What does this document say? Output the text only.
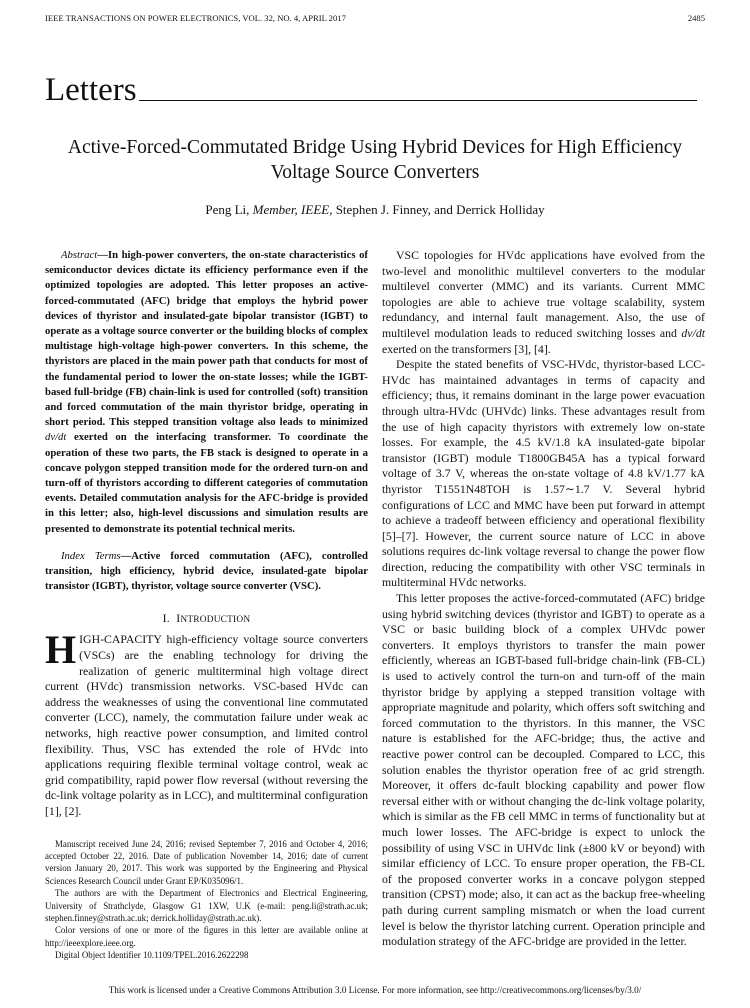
IEEE TRANSACTIONS ON POWER ELECTRONICS, VOL. 32, NO. 4, APRIL 2017	2485
Letters
Active-Forced-Commutated Bridge Using Hybrid Devices for High Efficiency Voltage Source Converters
Peng Li, Member, IEEE, Stephen J. Finney, and Derrick Holliday

Abstract—In high-power converters, the on-state characteristics of semiconductor devices dictate its efficiency performance even if the optimized topologies are adopted. This letter proposes an active-forced-commutated (AFC) bridge that employs the hybrid power devices of thyristor and insulated-gate bipolar transistor (IGBT) to operate as a voltage source converter or the building blocks of complex multistage high-voltage high-power converters. In this scheme, the thyristors are placed in the main power path that conducts for most of the fundamental period to lower the on-state losses; while the IGBT-based full-bridge (FB) chain-link is used for controlled (soft) transition and forced commutation of the main thyristor bridge, operating in short period. This stepped transition voltage also leads to minimized dv/dt exerted on the interfacing transformer. To coordinate the operation of these two parts, the FB stack is designed to operate in a concave polygon stepped transition mode for the ordered turn-on and turn-off of thyristors according to different categories of commutation events. Detailed commutation analysis for the AFC-bridge is provided in this letter; also, high-level discussions and simulation results are presented to demonstrate its potential technical merits.

Index Terms—Active forced commutation (AFC), controlled transition, high efficiency, hybrid device, insulated-gate bipolar transistor (IGBT), thyristor, voltage source converter (VSC).

I. INTRODUCTION

HIGH-CAPACITY high-efficiency voltage source converters (VSCs) are the enabling technology for driving the realization of generic multiterminal high voltage direct current (HVdc) transmission networks. VSC-based HVdc can address the weaknesses of using the conventional line commutated converter (LCC), namely, the commutation failure under weak ac networks, high reactive power consumption, and limited control flexibility. Thus, VSC has extended the role of HVdc into applications requiring flexible terminal voltage control, weak ac grid compatibility, rapid power flow reversal (without reversing the dc-link voltage polarity as in LCC), and multiterminal configuration [1], [2].

Manuscript received June 24, 2016; revised September 7, 2016 and October 4, 2016; accepted October 22, 2016. Date of publication November 14, 2016; date of current version January 20, 2017. This work was supported by the Engineering and Physical Sciences Research Council under Grant EP/K035096/1.

The authors are with the Department of Electronics and Electrical Engineering, University of Strathclyde, Glasgow G1 1XW, U.K (e-mail: peng.li@strath.ac.uk; stephen.finney@strath.ac.uk; derrick.holliday@strath.ac.uk).

Color versions of one or more of the figures in this letter are available online at http://ieeexplore.ieee.org.

Digital Object Identifier 10.1109/TPEL.2016.2622298

VSC topologies for HVdc applications have evolved from the two-level and monolithic multilevel converters to the modular multilevel converter (MMC) and its variants. Current MMC topologies are able to achieve true voltage scalability, system redundancy, and internal fault management. Also, the use of multilevel modulation leads to reduced switching losses and dv/dt exerted on the transformers [3], [4].

Despite the stated benefits of VSC-HVdc, thyristor-based LCC-HVdc has maintained advantages in terms of capacity and efficiency; thus, it remains dominant in the large power evacuation through ultra-HVdc (UHVdc) links. These advantages result from the use of high capacity thyristors with extremely low on-state losses. For example, the 4.5 kV/1.8 kA insulated-gate bipolar transistor (IGBT) module T1800GB45A has a typical forward voltage of 3.7 V, whereas the on-state voltage of 4.8 kV/1.77 kA thyristor T1551N48TOH is 1.57∼1.7 V. Several hybrid configurations of LCC and MMC have been put forward in attempt to achieve a tradeoff between efficiency and operational flexibility [5]–[7]. However, the current source nature of LCC in above solutions requires dc-link voltage reversal to change the power flow direction, reducing the compatibility with other VSC terminals in multiterminal HVdc networks.

This letter proposes the active-forced-commutated (AFC) bridge using hybrid switching devices (thyristor and IGBT) to operate as a VSC or basic building block of a complex UHVdc power converters. It employs thyristors to transfer the main power efficiently, whereas an IGBT-based full-bridge chain-link (FB-CL) is used to actively control the turn-on and turn-off of the main thyristor bridge by applying a stepped transition voltage with appropriate magnitude and polarity, which offers soft switching and forced commutation to the thyristors. In this manner, the VSC nature is established for the AFC-bridge; thus, the active and reactive power control can be decoupled. Compared to LCC, this solution enables the thyristor operation free of ac grid strength. Moreover, it offers dc-fault blocking capability and power flow reversal either with or without changing the dc-link voltage polarity, which is similar as the FB cell MMC in terms of functionality but at much lower losses. The AFC-bridge is expect to unlock the possibility of using VSC in UHVdc link (±800 kV or beyond) with similar efficiency of LCC. To ensure proper operation, the FB-CL of the proposed converter works in a concave polygon stepped transition (CPST) mode; also, it can act as the backup free-wheeling path during current sampling mismatch or when the load current level is below the thyristor latching current. Operation principle and modulation strategy of the AFC-bridge are provided in the letter.

This work is licensed under a Creative Commons Attribution 3.0 License. For more information, see http://creativecommons.org/licenses/by/3.0/
